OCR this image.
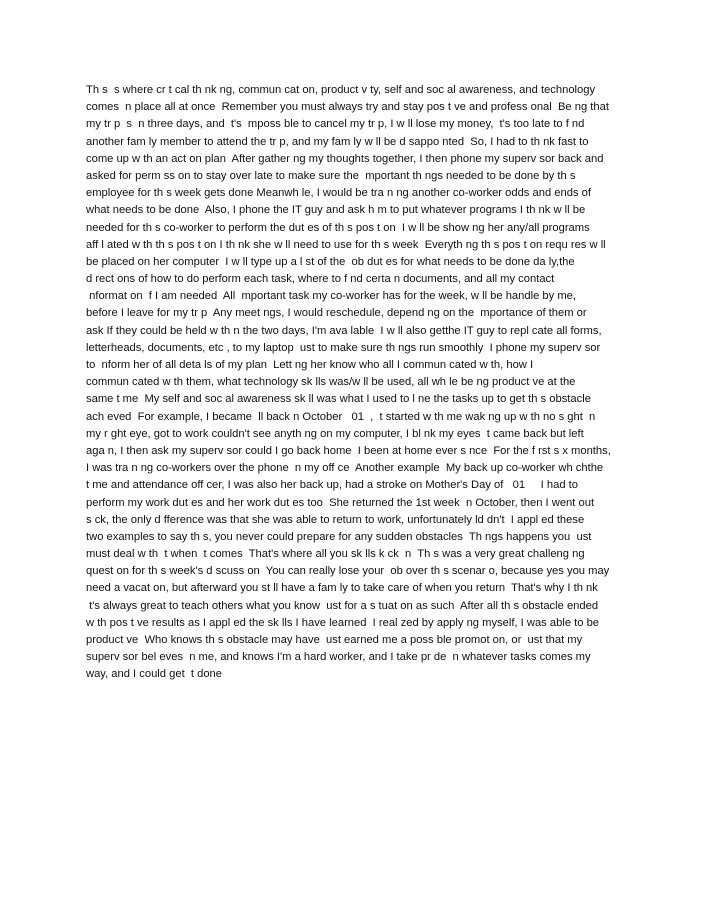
Th s  s where cr t cal th nk ng, commun cat on, product v ty, self and soc al awareness, and technology
comes  n place all at once  Remember you must always try and stay pos t ve and profess onal  Be ng that
my tr p  s  n three days, and  t's  mposs ble to cancel my tr p, I w ll lose my money,  t's too late to f nd
another fam ly member to attend the tr p, and my fam ly w ll be d sappo nted  So, I had to th nk fast to
come up w th an act on plan  After gather ng my thoughts together, I then phone my superv sor back and
asked for perm ss on to stay over late to make sure the  mportant th ngs needed to be done by th s
employee for th s week gets done Meanwh le, I would be tra n ng another co-worker odds and ends of
what needs to be done  Also, I phone the IT guy and ask h m to put whatever programs I th nk w ll be
needed for th s co-worker to perform the dut es of th s pos t on  I w ll be show ng her any/all programs
aff l ated w th th s pos t on I th nk she w ll need to use for th s week  Everyth ng th s pos t on requ res w ll
be placed on her computer  I w ll type up a l st of the  ob dut es for what needs to be done da ly,the
d rect ons of how to do perform each task, where to f nd certa n documents, and all my contact
nformat on  f I am needed  All  mportant task my co-worker has for the week, w ll be handle by me,
before I leave for my tr p  Any meet ngs, I would reschedule, depend ng on the  mportance of them or
ask If they could be held w th n the two days, I'm ava lable  I w ll also getthe IT guy to repl cate all forms,
letterheads, documents, etc , to my laptop  ust to make sure th ngs run smoothly  I phone my superv sor
to  nform her of all deta ls of my plan  Lett ng her know who all I commun cated w th, how I
commun cated w th them, what technology sk lls was/w ll be used, all wh le be ng product ve at the
same t me  My self and soc al awareness sk ll was what I used to l ne the tasks up to get th s obstacle
ach eved  For example, I became  ll back n October   01  ,  t started w th me wak ng up w th no s ght  n
my r ght eye, got to work couldn't see anyth ng on my computer, I bl nk my eyes  t came back but left
aga n, I then ask my superv sor could I go back home  I been at home ever s nce  For the f rst s x months,
I was tra n ng co-workers over the phone  n my off ce  Another example  My back up co-worker wh chthe
t me and attendance off cer, I was also her back up, had a stroke on Mother's Day of   01     I had to
perform my work dut es and her work dut es too  She returned the 1st week  n October, then I went out
s ck, the only d fference was that she was able to return to work, unfortunately ld dn't  I appl ed these
two examples to say th s, you never could prepare for any sudden obstacles  Th ngs happens you  ust
must deal w th  t when  t comes  That's where all you sk lls k ck  n  Th s was a very great challeng ng
quest on for th s week's d scuss on  You can really lose your  ob over th s scenar o, because yes you may
need a vacat on, but afterward you st ll have a fam ly to take care of when you return  That's why I th nk
t's always great to teach others what you know  ust for a s tuat on as such  After all th s obstacle ended
w th pos t ve results as I appl ed the sk lls I have learned  I real zed by apply ng myself, I was able to be
product ve  Who knows th s obstacle may have  ust earned me a poss ble promot on, or  ust that my
superv sor bel eves  n me, and knows I'm a hard worker, and I take pr de  n whatever tasks comes my
way, and I could get  t done
